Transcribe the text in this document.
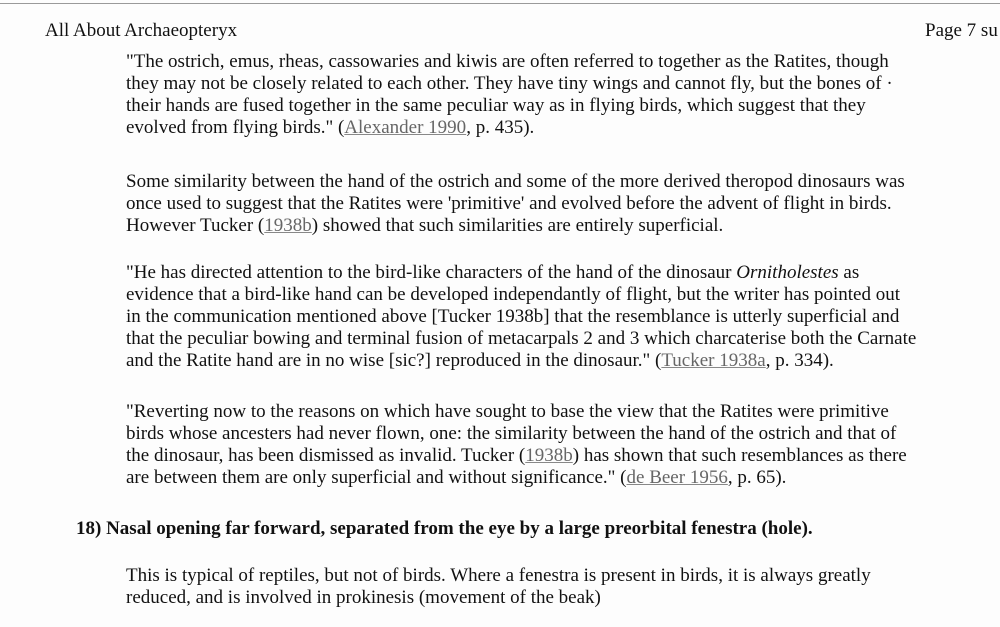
All About Archaeopteryx	Page 7 su

"The ostrich, emus, rheas, cassowaries and kiwis are often referred to together as the Ratites, though
they may not be closely related to each other. They have tiny wings and cannot fly, but the bones of ·
their hands are fused together in the same peculiar way as in flying birds, which suggest that they
evolved from flying birds." (Alexander 1990, p. 435).

Some similarity between the hand of the ostrich and some of the more derived theropod dinosaurs was
once used to suggest that the Ratites were 'primitive' and evolved before the advent of flight in birds.
However Tucker (1938b) showed that such similarities are entirely superficial.

"He has directed attention to the bird-like characters of the hand of the dinosaur Ornitholestes as
evidence that a bird-like hand can be developed independantly of flight, but the writer has pointed out
in the communication mentioned above [Tucker 1938b] that the resemblance is utterly superficial and
that the peculiar bowing and terminal fusion of metacarpals 2 and 3 which charcaterise both the Carnate
and the Ratite hand are in no wise [sic?] reproduced in the dinosaur." (Tucker 1938a, p. 334).

"Reverting now to the reasons on which have sought to base the view that the Ratites were primitive
birds whose ancesters had never flown, one: the similarity between the hand of the ostrich and that of
the dinosaur, has been dismissed as invalid. Tucker (1938b) has shown that such resemblances as there
are between them are only superficial and without significance." (de Beer 1956, p. 65).

18) Nasal opening far forward, separated from the eye by a large preorbital fenestra (hole).

This is typical of reptiles, but not of birds. Where a fenestra is present in birds, it is always greatly
reduced, and is involved in prokinesis (movement of the beak)
